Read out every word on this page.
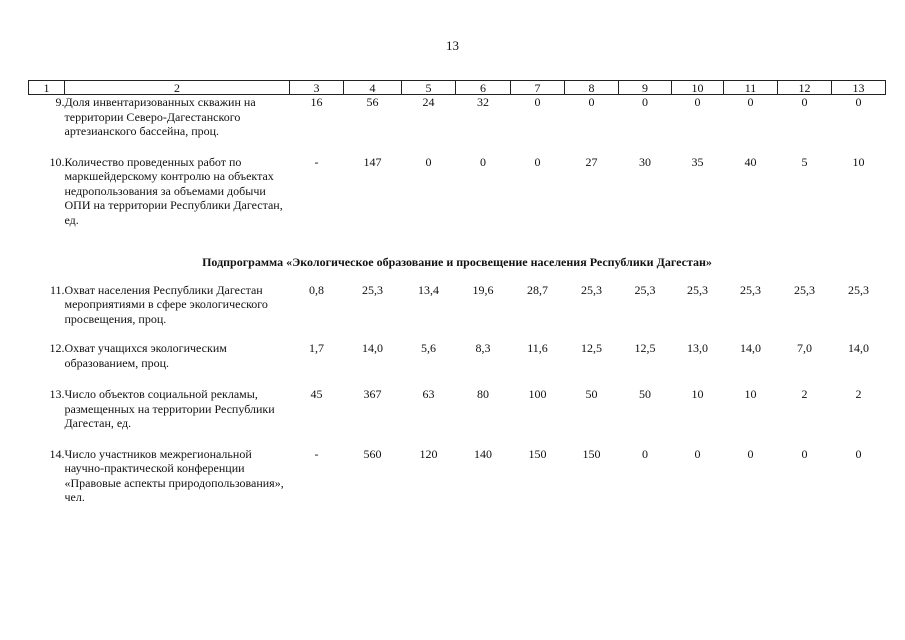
13
1	2	3	4	5	6	7	8	9	10	11	12	13
9.	Доля инвентаризованных скважин на территории Северо-Дагестанского артезианского бассейна, проц.	16	56	24	32	0	0	0	0	0	0	0

10.	Количество проведенных работ по маркшейдерскому контролю на объектах недропользования за объемами добычи ОПИ на территории Республики Дагестан, ед.	-	147	0	0	0	27	30	35	40	5	10

Подпрограмма «Экологическое образование и просвещение населения Республики Дагестан»												

11.	Охват населения Республики Дагестан мероприятиями в сфере экологического просвещения, проц.	0,8	25,3	13,4	19,6	28,7	25,3	25,3	25,3	25,3	25,3	25,3

12.	Охват учащихся экологическим образованием, проц.	1,7	14,0	5,6	8,3	11,6	12,5	12,5	13,0	14,0	7,0	14,0

13.	Число объектов социальной рекламы, размещенных на территории Республики Дагестан, ед.	45	367	63	80	100	50	50	10	10	2	2

14.	Число участников межрегиональной научно-практической конференции «Правовые аспекты природопользования», чел.	-	560	120	140	150	150	0	0	0	0	0
